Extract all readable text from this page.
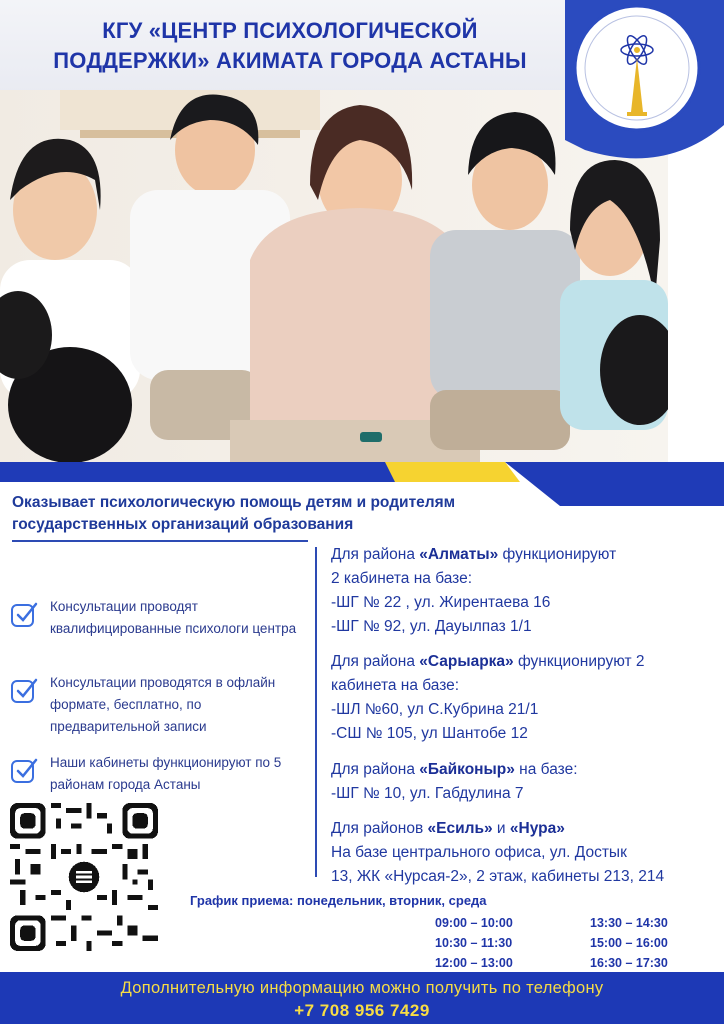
КГУ «ЦЕНТР ПСИХОЛОГИЧЕСКОЙ
ПОДДЕРЖКИ» АКИМАТА ГОРОДА АСТАНЫ
Оказывает психологическую помощь детям и родителям
государственных организаций образования
Консультации проводят квалифицированные психологи центра
Консультации проводятся в офлайн формате, бесплатно, по предварительной записи
Наши кабинеты функционируют по 5 районам города Астаны
Для района «Алматы» функционируют
2 кабинета на базе:
-ШГ № 22 , ул. Жирентаева 16
-ШГ № 92, ул. Дауылпаз 1/1
Для района «Сарыарка» функционируют 2
кабинета на базе:
-ШЛ №60, ул С.Кубрина 21/1
-СШ № 105, ул Шантобе 12
Для района «Байконыр» на базе:
-ШГ № 10, ул. Габдулина 7
Для районов «Есиль» и «Нура»
На базе центрального офиса, ул. Достык
13, ЖК «Нурсая-2», 2 этаж, кабинеты 213, 214
График приема: понедельник, вторник, среда
09:00 – 10:00
10:30 – 11:30
12:00 – 13:00
13:30 – 14:30
15:00 – 16:00
16:30 – 17:30
Дополнительную информацию можно получить по телефону
+7 708 956 7429
